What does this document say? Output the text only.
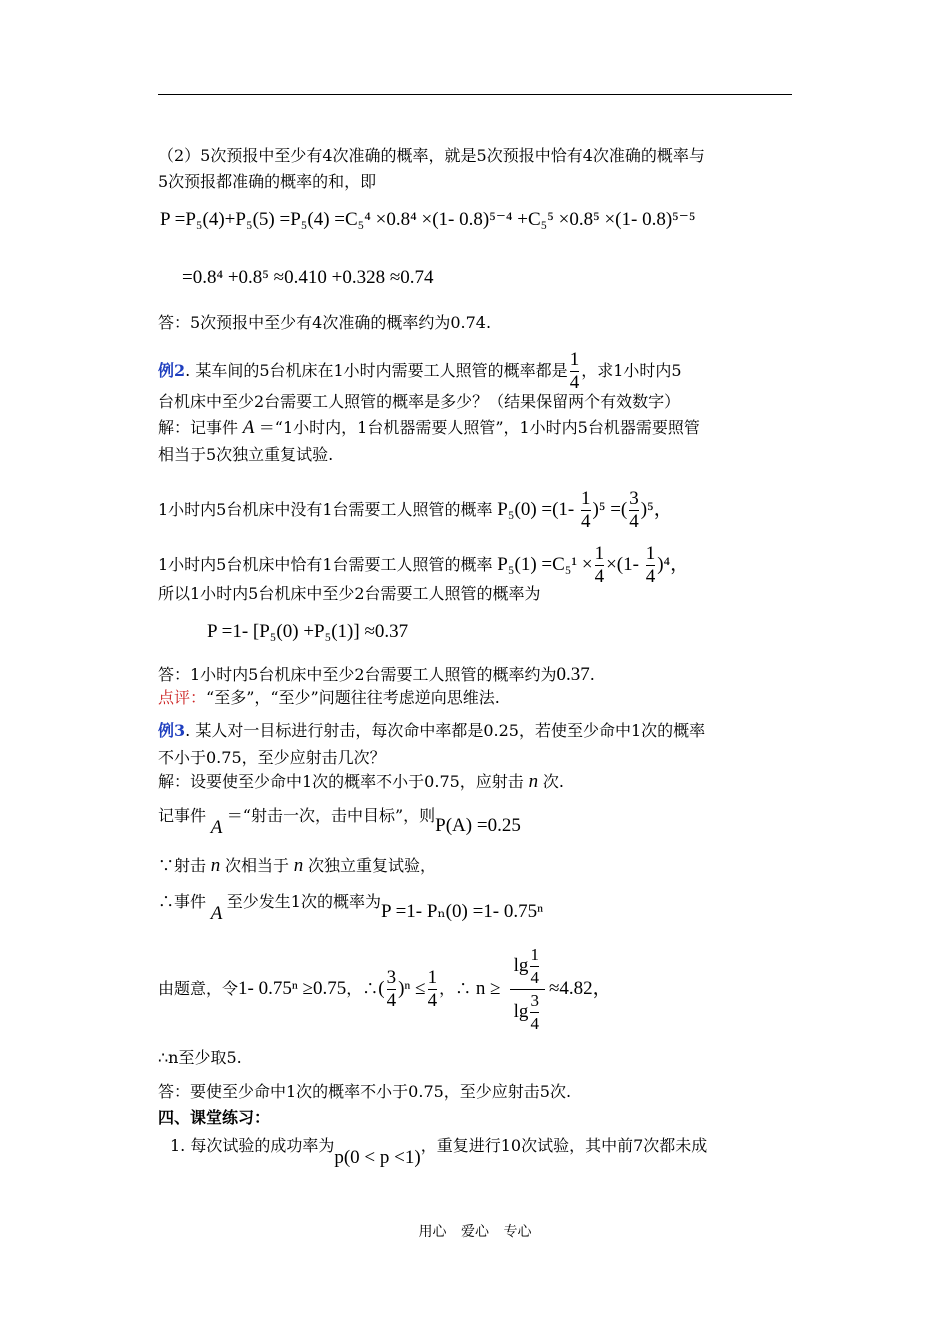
（2）5次预报中至少有4次准确的概率，就是5次预报中恰有4次准确的概率与
5次预报都准确的概率的和，即
P =P₅(4)+P₅(5) =P₅(4) =C₅⁴ ×0.8⁴ ×(1- 0.8)⁵⁻⁴ +C₅⁵ ×0.8⁵ ×(1- 0.8)⁵⁻⁵
=0.8⁴ +0.8⁵ ≈0.410 +0.328 ≈0.74
答：5次预报中至少有4次准确的概率约为0.74.
例2. 某车间的5台机床在1小时内需要工人照管的概率都是 $\frac{1}{4}$ ，求1小时内5
台机床中至少2台需要工人照管的概率是多少？（结果保留两个有效数字）
解：记事件 A ＝“1小时内，1台机器需要人照管”，1小时内5台机器需要照管
相当于5次独立重复试验.
1小时内5台机床中没有1台需要工人照管的概率 $P_5(0) =(1- \frac{1}{4} )^5$ =( $\frac{3}{4} )^5$，
1小时内5台机床中恰有1台需要工人照管的概率 $P_5(1) =C_5^1 \times \frac{1}{4} \times(1- \frac{1}{4} )^4$，
所以1小时内5台机床中至少2台需要工人照管的概率为
P =1- [P₅(0) +P₅(1)] ≈0.37
答：1小时内5台机床中至少2台需要工人照管的概率约为0.37.
点评：“至多”，“至少”问题往往考虑逆向思维法.
例3. 某人对一目标进行射击，每次命中率都是0.25，若使至少命中1次的概率
不小于0.75，至少应射击几次？
解：设要使至少命中1次的概率不小于0.75，应射击 n 次.
记事件 A ＝“射击一次，击中目标”，则P(A) =0.25
∵射击 n 次相当于 n 次独立重复试验，
∴事件 A 至少发生1次的概率为P =1- Pₙ(0) =1- 0.75ⁿ
由题意，令1- 0.75ⁿ ≥0.75，∴( $\frac{3}{4} )^n \le \frac{1}{4}$ ，∴ $n \ge \frac{\lg \frac{1}{4}}{\lg \frac{3}{4}} \approx 4.82$，
∴n至少取5.
答：要使至少命中1次的概率不小于0.75，至少应射击5次.
四、课堂练习：
1. 每次试验的成功率为p(0 < p <1)，重复进行10次试验，其中前7次都未成
用心 爱心 专心
